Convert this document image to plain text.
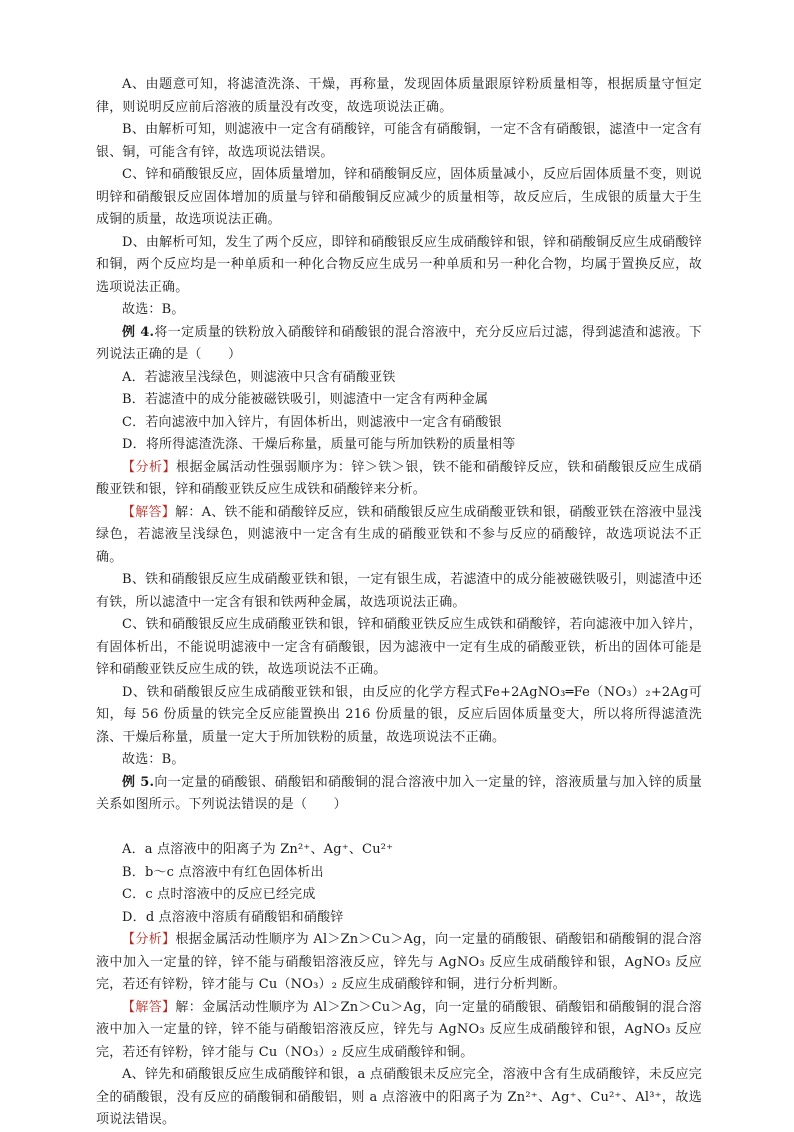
A、由题意可知，将滤渣洗涤、干燥，再称量，发现固体质量跟原锌粉质量相等，根据质量守恒定律，则说明反应前后溶液的质量没有改变，故选项说法正确。

B、由解析可知，则滤液中一定含有硝酸锌，可能含有硝酸铜，一定不含有硝酸银，滤渣中一定含有银、铜，可能含有锌，故选项说法错误。

C、锌和硝酸银反应，固体质量增加，锌和硝酸铜反应，固体质量减小，反应后固体质量不变，则说明锌和硝酸银反应固体增加的质量与锌和硝酸铜反应减少的质量相等，故反应后，生成银的质量大于生成铜的质量，故选项说法正确。

D、由解析可知，发生了两个反应，即锌和硝酸银反应生成硝酸锌和银，锌和硝酸铜反应生成硝酸锌和铜，两个反应均是一种单质和一种化合物反应生成另一种单质和另一种化合物，均属于置换反应，故选项说法正确。

故选：B。

例 4.将一定质量的铁粉放入硝酸锌和硝酸银的混合溶液中，充分反应后过滤，得到滤渣和滤液。下列说法正确的是（　　）

A．若滤液呈浅绿色，则滤液中只含有硝酸亚铁

B．若滤渣中的成分能被磁铁吸引，则滤渣中一定含有两种金属

C．若向滤液中加入锌片，有固体析出，则滤液中一定含有硝酸银

D．将所得滤渣洗涤、干燥后称量，质量可能与所加铁粉的质量相等

【分析】根据金属活动性强弱顺序为：锌＞铁＞银，铁不能和硝酸锌反应，铁和硝酸银反应生成硝酸亚铁和银，锌和硝酸亚铁反应生成铁和硝酸锌来分析。

【解答】解：A、铁不能和硝酸锌反应，铁和硝酸银反应生成硝酸亚铁和银，硝酸亚铁在溶液中显浅绿色，若滤液呈浅绿色，则滤液中一定含有生成的硝酸亚铁和不参与反应的硝酸锌，故选项说法不正确。

B、铁和硝酸银反应生成硝酸亚铁和银，一定有银生成，若滤渣中的成分能被磁铁吸引，则滤渣中还有铁，所以滤渣中一定含有银和铁两种金属，故选项说法正确。

C、铁和硝酸银反应生成硝酸亚铁和银，锌和硝酸亚铁反应生成铁和硝酸锌，若向滤液中加入锌片，有固体析出，不能说明滤液中一定含有硝酸银，因为滤液中一定有生成的硝酸亚铁，析出的固体可能是锌和硝酸亚铁反应生成的铁，故选项说法不正确。

D、铁和硝酸银反应生成硝酸亚铁和银，由反应的化学方程式Fe+2AgNO₃═Fe（NO₃）₂+2Ag可知，每 56 份质量的铁完全反应能置换出 216 份质量的银，反应后固体质量变大，所以将所得滤渣洗涤、干燥后称量，质量一定大于所加铁粉的质量，故选项说法不正确。

故选：B。

例 5.向一定量的硝酸银、硝酸铝和硝酸铜的混合溶液中加入一定量的锌，溶液质量与加入锌的质量关系如图所示。下列说法错误的是（　　）

A．a 点溶液中的阳离子为 Zn²⁺、Ag⁺、Cu²⁺

B．b～c 点溶液中有红色固体析出

C．c 点时溶液中的反应已经完成

D．d 点溶液中溶质有硝酸铝和硝酸锌

【分析】根据金属活动性顺序为 Al＞Zn＞Cu＞Ag，向一定量的硝酸银、硝酸铝和硝酸铜的混合溶液中加入一定量的锌，锌不能与硝酸铝溶液反应，锌先与 AgNO₃ 反应生成硝酸锌和银，AgNO₃ 反应完，若还有锌粉，锌才能与 Cu（NO₃）₂ 反应生成硝酸锌和铜，进行分析判断。

【解答】解：金属活动性顺序为 Al＞Zn＞Cu＞Ag，向一定量的硝酸银、硝酸铝和硝酸铜的混合溶液中加入一定量的锌，锌不能与硝酸铝溶液反应，锌先与 AgNO₃ 反应生成硝酸锌和银，AgNO₃ 反应完，若还有锌粉，锌才能与 Cu（NO₃）₂ 反应生成硝酸锌和铜。

A、锌先和硝酸银反应生成硝酸锌和银，a 点硝酸银未反应完全，溶液中含有生成硝酸锌，未反应完全的硝酸银，没有反应的硝酸铜和硝酸铝，则 a 点溶液中的阳离子为 Zn²⁺、Ag⁺、Cu²⁺、Al³⁺，故选项说法错误。
